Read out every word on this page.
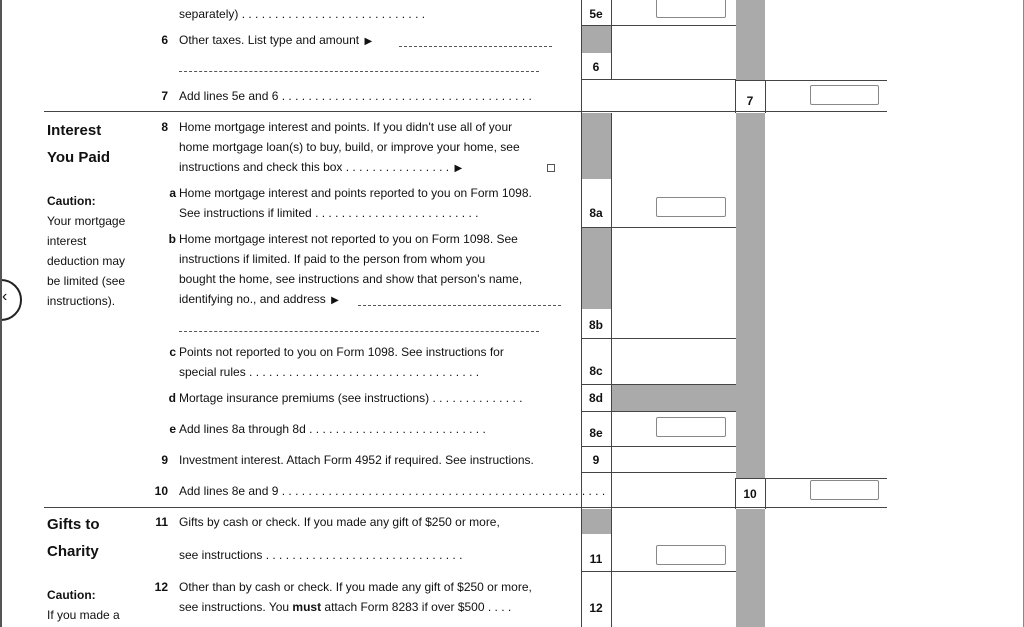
Interest
You Paid
Caution:
Your mortgage
interest
deduction may
be limited (see
instructions).
Gifts to
Charity
Caution:
If you made a
separately) . . . . . . . . . . . . . . . . . . . . . . . . . . . .	5e
6 Other taxes. List type and amount ▶
6
7 Add lines 5e and 6 . . . . . . . . . . . . . . . . . . . . . . . . . . . . . . . . . . . . . .	7
8 Home mortgage interest and points. If you didn't use all of your
home mortgage loan(s) to buy, build, or improve your home, see
instructions and check this box . . . . . . . . . . . . . . . . ▶
a Home mortgage interest and points reported to you on Form 1098.
See instructions if limited . . . . . . . . . . . . . . . . . . . . . . . . .	8a
b Home mortgage interest not reported to you on Form 1098. See
instructions if limited. If paid to the person from whom you
bought the home, see instructions and show that person's name,
identifying no., and address ▶
8b
c Points not reported to you on Form 1098. See instructions for
special rules . . . . . . . . . . . . . . . . . . . . . . . . . . . . . . . . . . .	8c
d Mortage insurance premiums (see instructions) . . . . . . . . . . . . . .	8d
e Add lines 8a through 8d . . . . . . . . . . . . . . . . . . . . . . . . . . .	8e
9 Investment interest. Attach Form 4952 if required. See instructions.	9
10 Add lines 8e and 9 . . . . . . . . . . . . . . . . . . . . . . . . . . . . . . . . . . . . . . . . . . . . . . . . .	10
11 Gifts by cash or check. If you made any gift of $250 or more,
see instructions . . . . . . . . . . . . . . . . . . . . . . . . . . . . . .	11
12 Other than by cash or check. If you made any gift of $250 or more,
see instructions. You must attach Form 8283 if over $500 . . . .	12
‹
